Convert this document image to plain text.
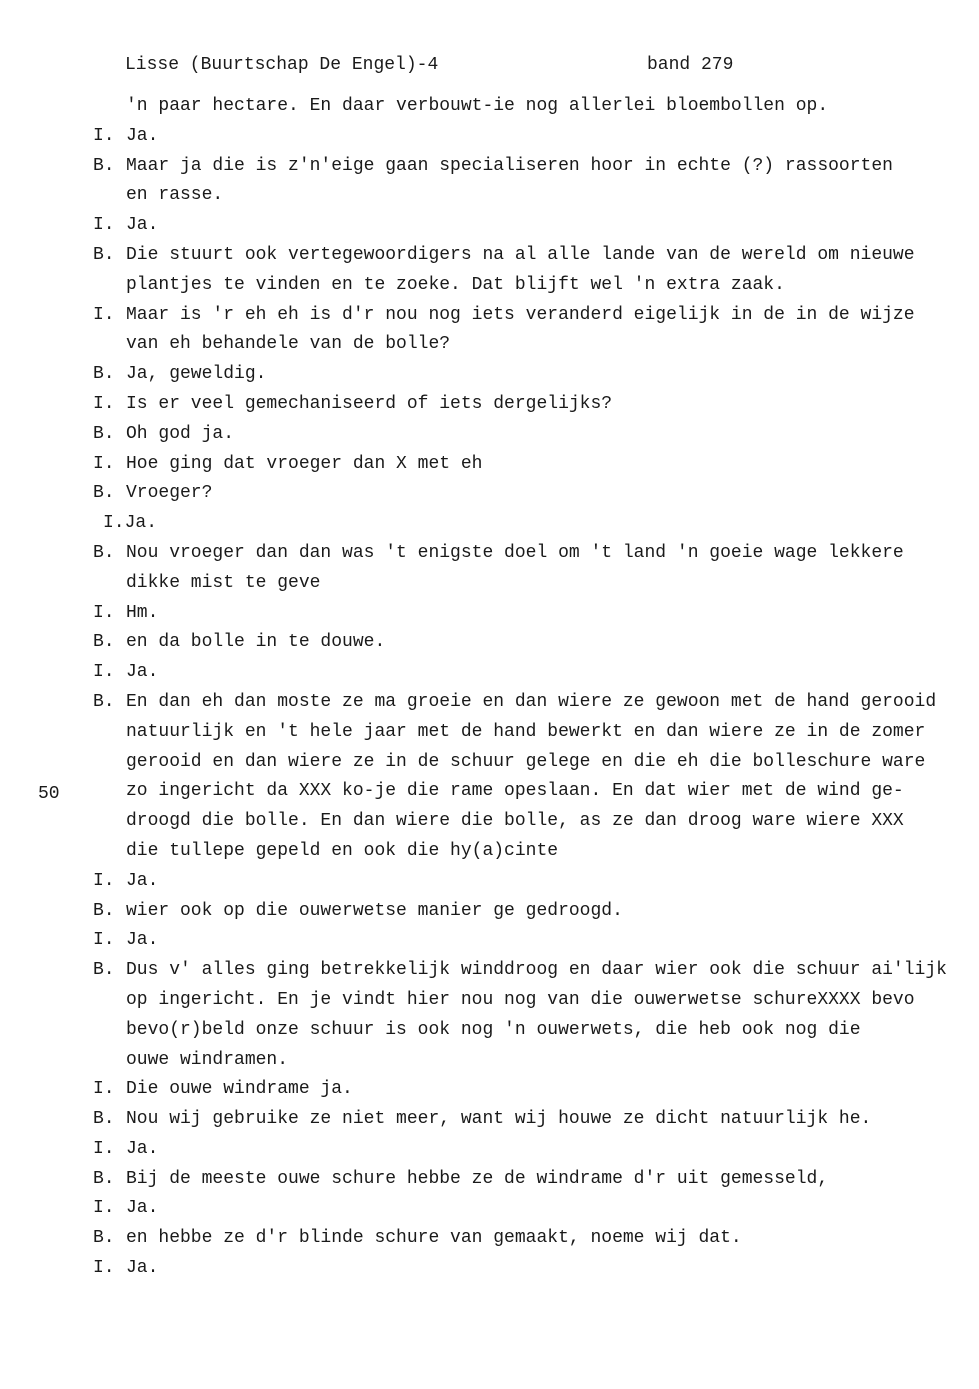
Lisse (Buurtschap De Engel)-4	band 279
50
'n paar hectare. En daar verbouwt-ie nog allerlei bloembollen op.
I. Ja.
B. Maar ja die is z'n'eige gaan specialiseren hoor in echte (?) rassoorten
en rasse.
I. Ja.
B. Die stuurt ook vertegewoordigers na al alle lande van de wereld om nieuwe
plantjes te vinden en te zoeke. Dat blijft wel 'n extra zaak.
I. Maar is 'r eh eh is d'r nou nog iets veranderd eigelijk in de in de wijze
van eh behandele van de bolle?
B. Ja, geweldig.
I. Is er veel gemechaniseerd of iets dergelijks?
B. Oh god ja.
I. Hoe ging dat vroeger dan X met eh
B. Vroeger?
I.Ja.
B. Nou vroeger dan dan was 't enigste doel om 't land 'n goeie wage lekkere
dikke mist te geve
I. Hm.
B. en da bolle in te douwe.
I. Ja.
B. En dan eh dan moste ze ma groeie en dan wiere ze gewoon met de hand gerooid
natuurlijk en 't hele jaar met de hand bewerkt en dan wiere ze in de zomer
gerooid en dan wiere ze in de schuur gelege en die eh die bolleschure ware
zo ingericht da XXX ko-je die rame opeslaan. En dat wier met de wind ge-
droogd die bolle. En dan wiere die bolle, as ze dan droog ware wiere XXX
die tullepe gepeld en ook die hy(a)cinte
I. Ja.
B. wier ook op die ouwerwetse manier ge gedroogd.
I. Ja.
B. Dus v' alles ging betrekkelijk winddroog en daar wier ook die schuur ai'lijk
op ingericht. En je vindt hier nou nog van die ouwerwetse schureXXXX bevo
bevo(r)beld onze schuur is ook nog 'n ouwerwets, die heb ook nog die
ouwe windramen.
I. Die ouwe windrame ja.
B. Nou wij gebruike ze niet meer, want wij houwe ze dicht natuurlijk he.
I. Ja.
B. Bij de meeste ouwe schure hebbe ze de windrame d'r uit gemesseld,
I. Ja.
B. en hebbe ze d'r blinde schure van gemaakt, noeme wij dat.
I. Ja.
